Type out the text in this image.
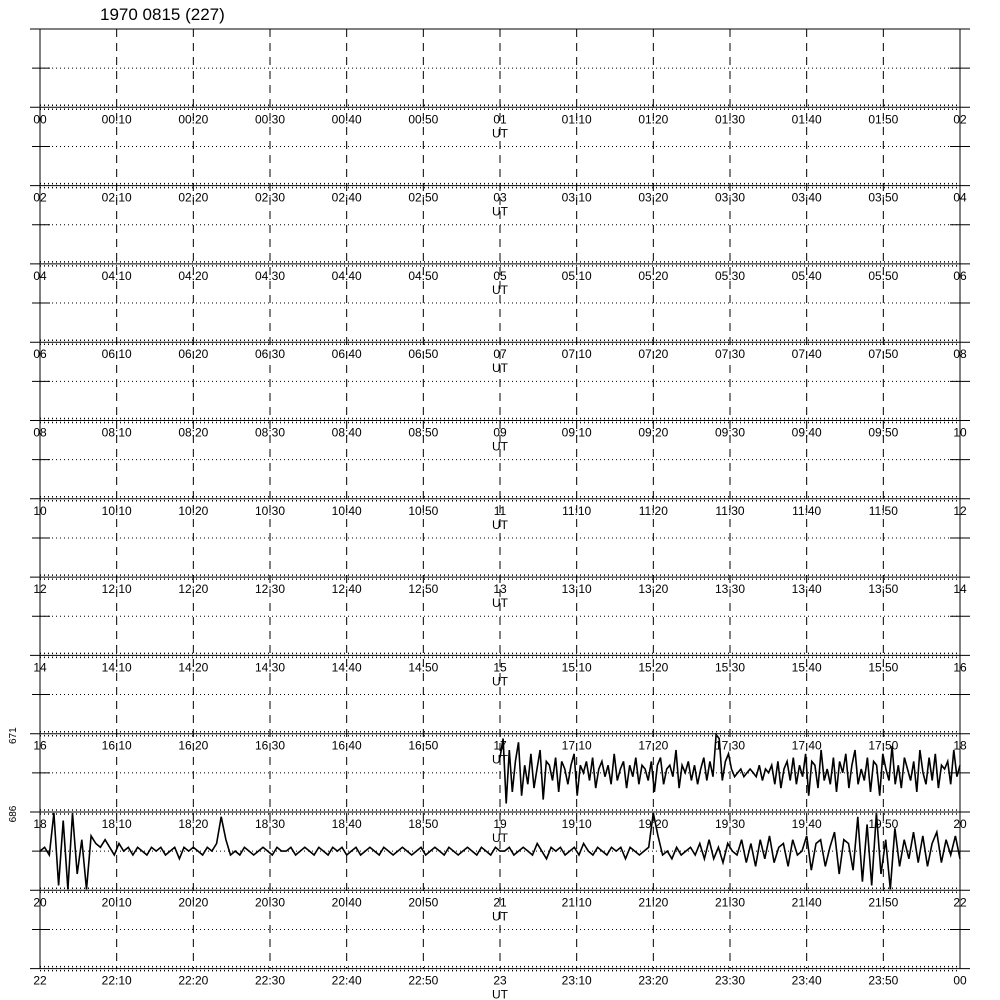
1970 0815 (227)
00	00:10	00:20	00:30	00:40	00:50	01	01:10	01:20	01:30	01:40	01:50	02
UT
02	02:10	02:20	02:30	02:40	02:50	03	03:10	03:20	03:30	03:40	03:50	04
UT
04	04:10	04:20	04:30	04:40	04:50	05	05:10	05:20	05:30	05:40	05:50	06
UT
06	06:10	06:20	06:30	06:40	06:50	07	07:10	07:20	07:30	07:40	07:50	08
UT
08	08:10	08:20	08:30	08:40	08:50	09	09:10	09:20	09:30	09:40	09:50	10
UT
10	10:10	10:20	10:30	10:40	10:50	11	11:10	11:20	11:30	11:40	11:50	12
UT
12	12:10	12:20	12:30	12:40	12:50	13	13:10	13:20	13:30	13:40	13:50	14
UT
14	14:10	14:20	14:30	14:40	14:50	15	15:10	15:20	15:30	15:40	15:50	16
UT
16	16:10	16:20	16:30	16:40	16:50	17	17:10	17:20	17:30	17:40	17:50	18
UT
18	18:10	18:20	18:30	18:40	18:50	19	19:10	19:20	19:30	19:40	19:50	20
UT
671
20	20:10	20:20	20:30	20:40	20:50	21	21:10	21:20	21:30	21:40	21:50	22
UT
686
22	22:10	22:20	22:30	22:40	22:50	23	23:10	23:20	23:30	23:40	23:50	00
UT
